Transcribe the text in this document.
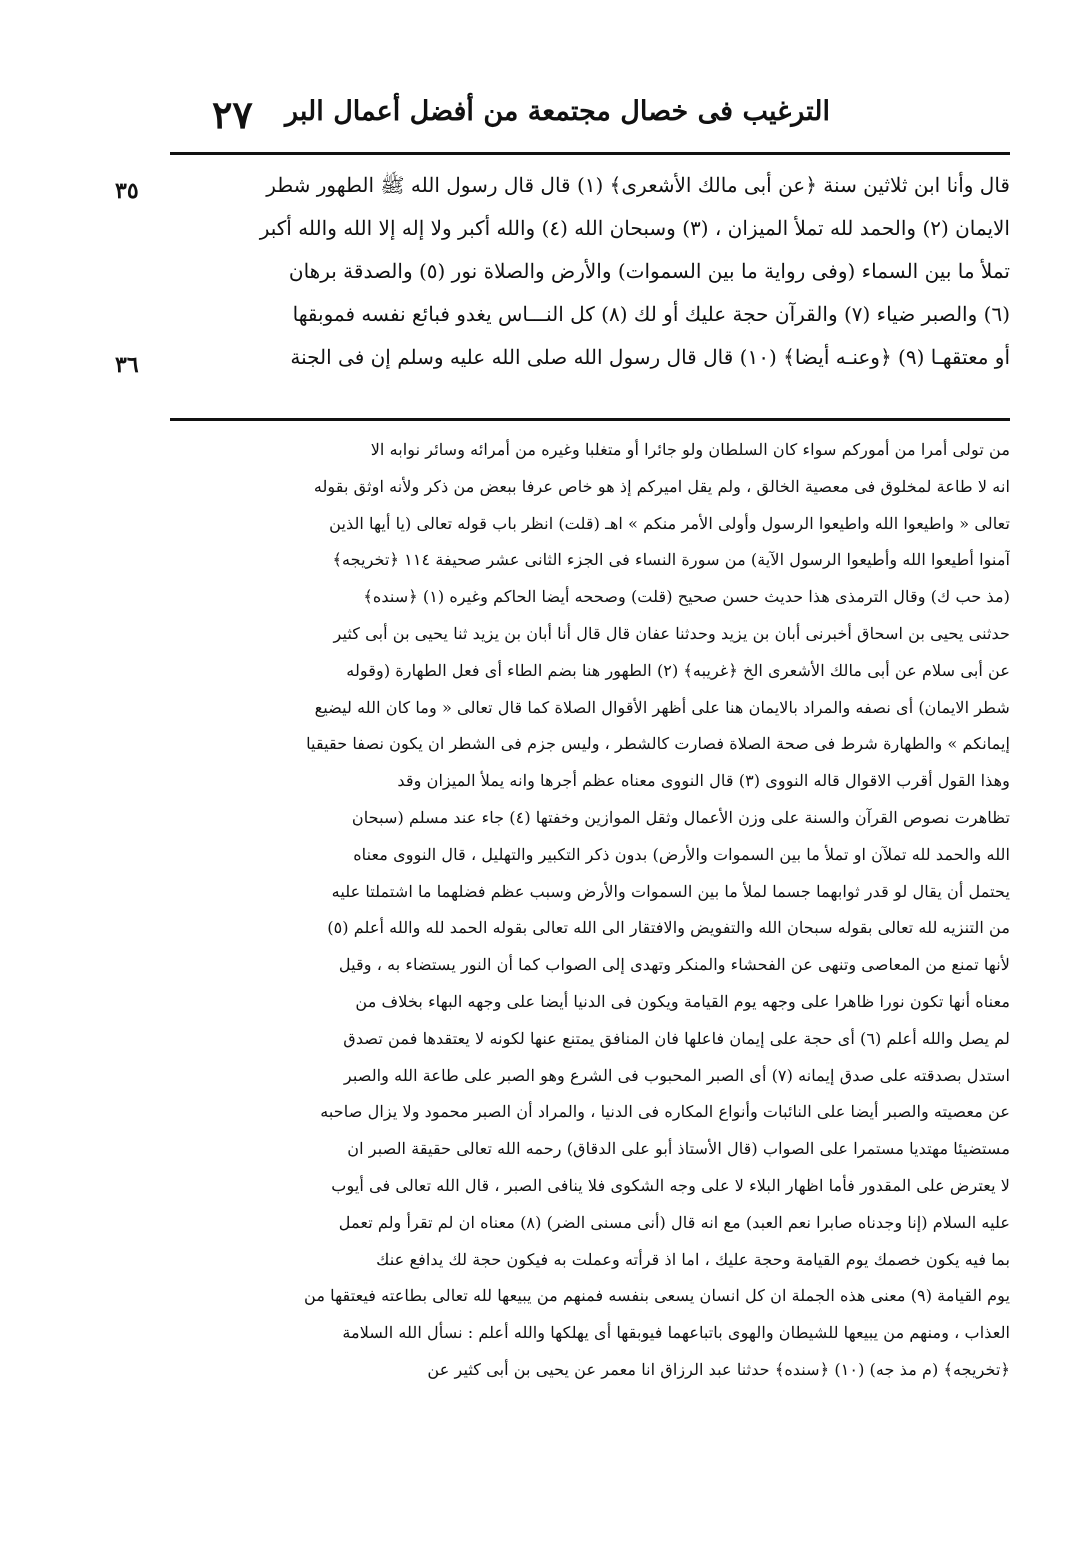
٢٧ الترغيب فى خصال مجتمعة من أفضل أعمال البر
٣٥
٣٦
قال وأنا ابن ثلاثين سنة ﴿عن أبى مالك الأشعرى﴾ (١) قال قال رسول الله ﷺ الطهور شطر
الايمان (٢) والحمد لله تملأ الميزان ، (٣) وسبحان الله (٤) والله أكبر ولا إله إلا الله والله أكبر
تملأ ما بين السماء (وفى رواية ما بين السموات) والأرض والصلاة نور (٥) والصدقة برهان
(٦) والصبر ضياء (٧) والقرآن حجة عليك أو لك (٨) كل النـــاس يغدو فبائع نفسه فموبقها
أو معتقهـا (٩) ﴿وعنـه أيضا﴾ (١٠) قال قال رسول الله صلى الله عليه وسلم إن فى الجنة
من تولى أمرا من أموركم سواء كان السلطان ولو جائرا أو متغلبا وغيره من أمرائه وسائر نوابه الا
انه لا طاعة لمخلوق فى معصية الخالق ، ولم يقل اميركم إذ هو خاص عرفا ببعض من ذكر ولأنه اوثق بقوله
تعالى « واطيعوا الله واطيعوا الرسول وأولى الأمر منكم » اهـ (قلت) انظر باب قوله تعالى (يا أيها الذين
آمنوا أطيعوا الله وأطيعوا الرسول الآية) من سورة النساء فى الجزء الثانى عشر صحيفة ١١٤ ﴿تخريجه﴾
(مذ حب ك) وقال الترمذى هذا حديث حسن صحيح (قلت) وصححه أيضا الحاكم وغيره (١) ﴿سنده﴾
حدثنى يحيى بن اسحاق أخبرنى أبان بن يزيد وحدثنا عفان قال قال أنا أبان بن يزيد ثنا يحيى بن أبى كثير
عن أبى سلام عن أبى مالك الأشعرى الخ ﴿غريبه﴾ (٢) الطهور هنا بضم الطاء أى فعل الطهارة (وقوله
شطر الايمان) أى نصفه والمراد بالايمان هنا على أظهر الأقوال الصلاة كما قال تعالى « وما كان الله ليضيع
إيمانكم » والطهارة شرط فى صحة الصلاة فصارت كالشطر ، وليس جزم فى الشطر ان يكون نصفا حقيقيا
وهذا القول أقرب الاقوال قاله النووى (٣) قال النووى معناه عظم أجرها وانه يملأ الميزان وقد
تظاهرت نصوص القرآن والسنة على وزن الأعمال وثقل الموازين وخفتها (٤) جاء عند مسلم (سبحان
الله والحمد لله تملآن او تملأ ما بين السموات والأرض) بدون ذكر التكبير والتهليل ، قال النووى معناه
يحتمل أن يقال لو قدر ثوابهما جسما لملأ ما بين السموات والأرض وسبب عظم فضلهما ما اشتملتا عليه
من التنزيه لله تعالى بقوله سبحان الله والتفويض والافتقار الى الله تعالى بقوله الحمد لله والله أعلم (٥)
لأنها تمنع من المعاصى وتنهى عن الفحشاء والمنكر وتهدى إلى الصواب كما أن النور يستضاء به ، وقيل
معناه أنها تكون نورا ظاهرا على وجهه يوم القيامة ويكون فى الدنيا أيضا على وجهه البهاء بخلاف من
لم يصل والله أعلم (٦) أى حجة على إيمان فاعلها فان المنافق يمتنع عنها لكونه لا يعتقدها فمن تصدق
استدل بصدقته على صدق إيمانه (٧) أى الصبر المحبوب فى الشرع وهو الصبر على طاعة الله والصبر
عن معصيته والصبر أيضا على النائبات وأنواع المكاره فى الدنيا ، والمراد أن الصبر محمود ولا يزال صاحبه
مستضيئا مهتديا مستمرا على الصواب (قال الأستاذ أبو على الدقاق) رحمه الله تعالى حقيقة الصبر ان
لا يعترض على المقدور فأما اظهار البلاء لا على وجه الشكوى فلا ينافى الصبر ، قال الله تعالى فى أيوب
عليه السلام (إنا وجدناه صابرا نعم العبد) مع انه قال (أنى مسنى الضر) (٨) معناه ان لم تقرأ ولم تعمل
بما فيه يكون خصمك يوم القيامة وحجة عليك ، اما اذ قرأته وعملت به فيكون حجة لك يدافع عنك
يوم القيامة (٩) معنى هذه الجملة ان كل انسان يسعى بنفسه فمنهم من يبيعها لله تعالى بطاعته فيعتقها من
العذاب ، ومنهم من يبيعها للشيطان والهوى باتباعهما فيوبقها أى يهلكها والله أعلم : نسأل الله السلامة
﴿تخريجه﴾ (م مذ جه) (١٠) ﴿سنده﴾ حدثنا عبد الرزاق انا معمر عن يحيى بن أبى كثير عن
